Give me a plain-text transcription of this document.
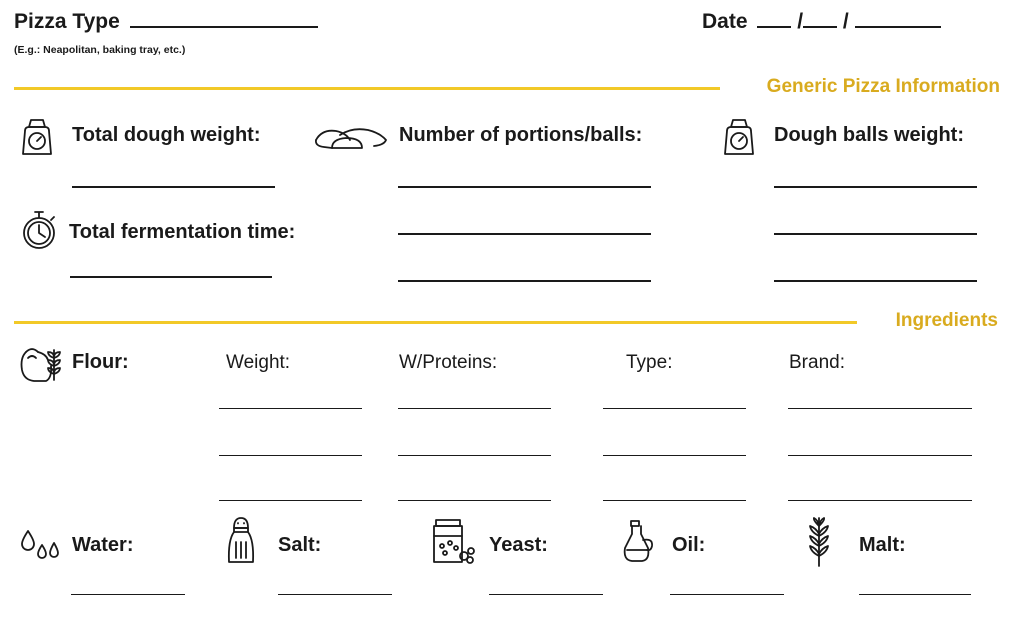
Pizza Type
(E.g.: Neapolitan, baking tray, etc.)
Date / /
Generic Pizza Information
Total dough weight:	Number of portions/balls:	Dough balls weight:
Total fermentation time:
Ingredients
Flour:	Weight:	W/Proteins:	Type:	Brand:
Water:	Salt:	Yeast:	Oil:	Malt:
